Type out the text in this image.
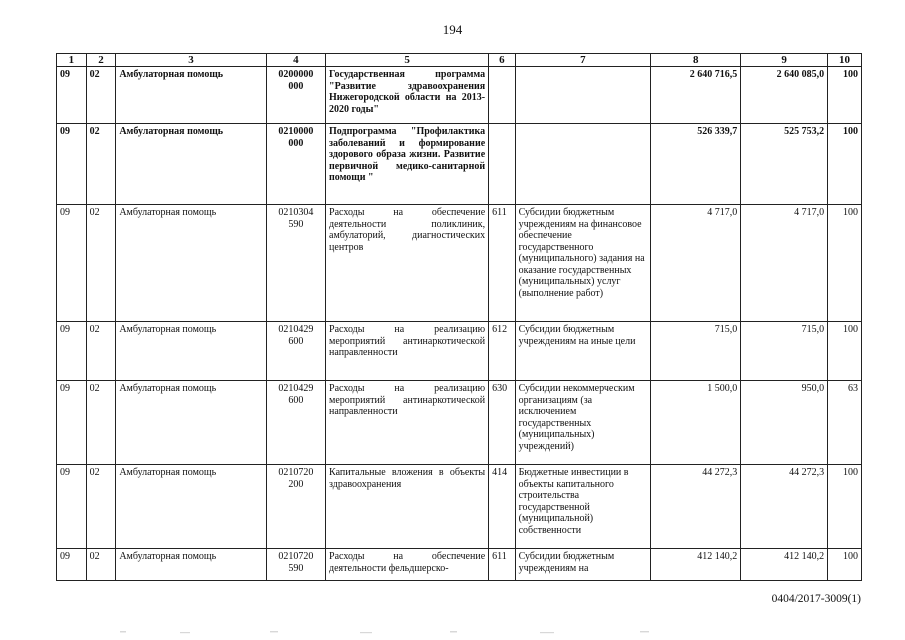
194
1	2	3	4	5	6	7	8	9	10
09	02	Амбулаторная помощь	0200000 000	Государственная программа "Развитие здравоохранения Нижегородской области на 2013-2020 годы"			2 640 716,5	2 640 085,0	100
09	02	Амбулаторная помощь	0210000 000	Подпрограмма "Профилактика заболеваний и формирование здорового образа жизни. Развитие первичной медико-санитарной помощи "			526 339,7	525 753,2	100
09	02	Амбулаторная помощь	0210304 590	Расходы на обеспечение деятельности поликлиник, амбулаторий, диагностических центров	611	Субсидии бюджетным учреждениям на финансовое обеспечение государственного (муниципального) задания на оказание государственных (муниципальных) услуг (выполнение работ)	4 717,0	4 717,0	100
09	02	Амбулаторная помощь	0210429 600	Расходы на реализацию мероприятий антинаркотической направленности	612	Субсидии бюджетным учреждениям на иные цели	715,0	715,0	100
09	02	Амбулаторная помощь	0210429 600	Расходы на реализацию мероприятий антинаркотической направленности	630	Субсидии некоммерческим организациям (за исключением государственных (муниципальных) учреждений)	1 500,0	950,0	63
09	02	Амбулаторная помощь	0210720 200	Капитальные вложения в объекты здравоохранения	414	Бюджетные инвестиции в объекты капитального строительства государственной (муниципальной) собственности	44 272,3	44 272,3	100
09	02	Амбулаторная помощь	0210720 590	Расходы на обеспечение деятельности фельдшерско-	611	Субсидии бюджетным учреждениям на	412 140,2	412 140,2	100
0404/2017-3009(1)
